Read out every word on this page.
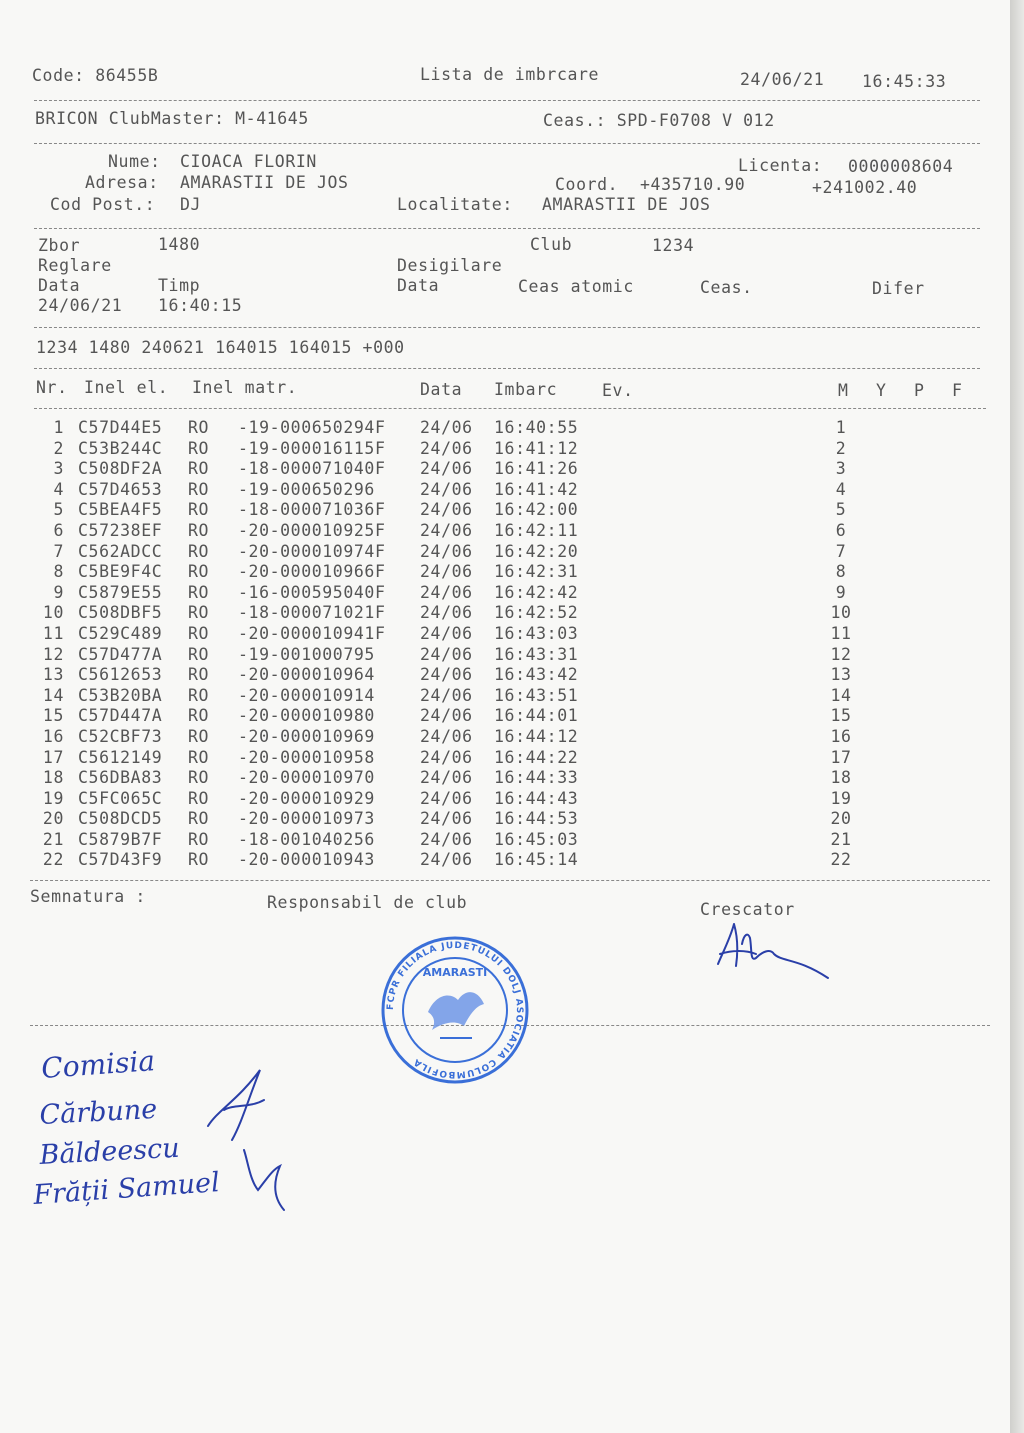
Code: 86455B	Lista de imbrcare	24/06/21 16:45:33
BRICON ClubMaster: M-41645	Ceas.: SPD-F0708 V 012
Nume: CIOACA FLORIN	Licenta: 0000008604
Adresa: AMARASTII DE JOS	Coord. +435710.90	+241002.40
Cod Post.: DJ	Localitate: AMARASTII DE JOS
Zbor	1480	Club	1234
Reglare	Desigilare
Data	Timp	Data	Ceas atomic	Ceas.	Difer
24/06/21 16:40:15
1234 1480 240621 164015 164015 +000
Nr. Inel el. Inel matr.	Data Imbarc	Ev.	M Y P F
1 C57D44E5 RO -19-000650294F 24/06 16:40:55	1
2 C53B244C RO -19-000016115F 24/06 16:41:12	2
3 C508DF2A RO -18-000071040F 24/06 16:41:26	3
4 C57D4653 RO -19-000650296	24/06 16:41:42	4
5 C5BEA4F5 RO -18-000071036F 24/06 16:42:00	5
6 C57238EF RO -20-000010925F 24/06 16:42:11	6
7 C562ADCC RO -20-000010974F 24/06 16:42:20	7
8 C5BE9F4C RO -20-000010966F 24/06 16:42:31	8
9 C5879E55 RO -16-000595040F 24/06 16:42:42	9
10 C508DBF5 RO -18-000071021F 24/06 16:42:52	10
11 C529C489 RO -20-000010941F 24/06 16:43:03	11
12 C57D477A RO -19-001000795	24/06 16:43:31	12
13 C5612653 RO -20-000010964	24/06 16:43:42	13
14 C53B20BA RO -20-000010914	24/06 16:43:51	14
15 C57D447A RO -20-000010980	24/06 16:44:01	15
16 C52CBF73 RO -20-000010969	24/06 16:44:12	16
17 C5612149 RO -20-000010958	24/06 16:44:22	17
18 C56DBA83 RO -20-000010970	24/06 16:44:33	18
19 C5FC065C RO -20-000010929	24/06 16:44:43	19
20 C508DCD5 RO -20-000010973	24/06 16:44:53	20
21 C5879B7F RO -18-001040256	24/06 16:45:03	21
22 C57D43F9 RO -20-000010943	24/06 16:45:14	22
Semnatura :	Responsabil de club	Crescator
AMARASTI
FCPR FILIALA JUDETULUI DOLJ ASOCIATIA COLUMBOFILA
Comisia
Cărbune
Băldeescu
Frății Samuel
